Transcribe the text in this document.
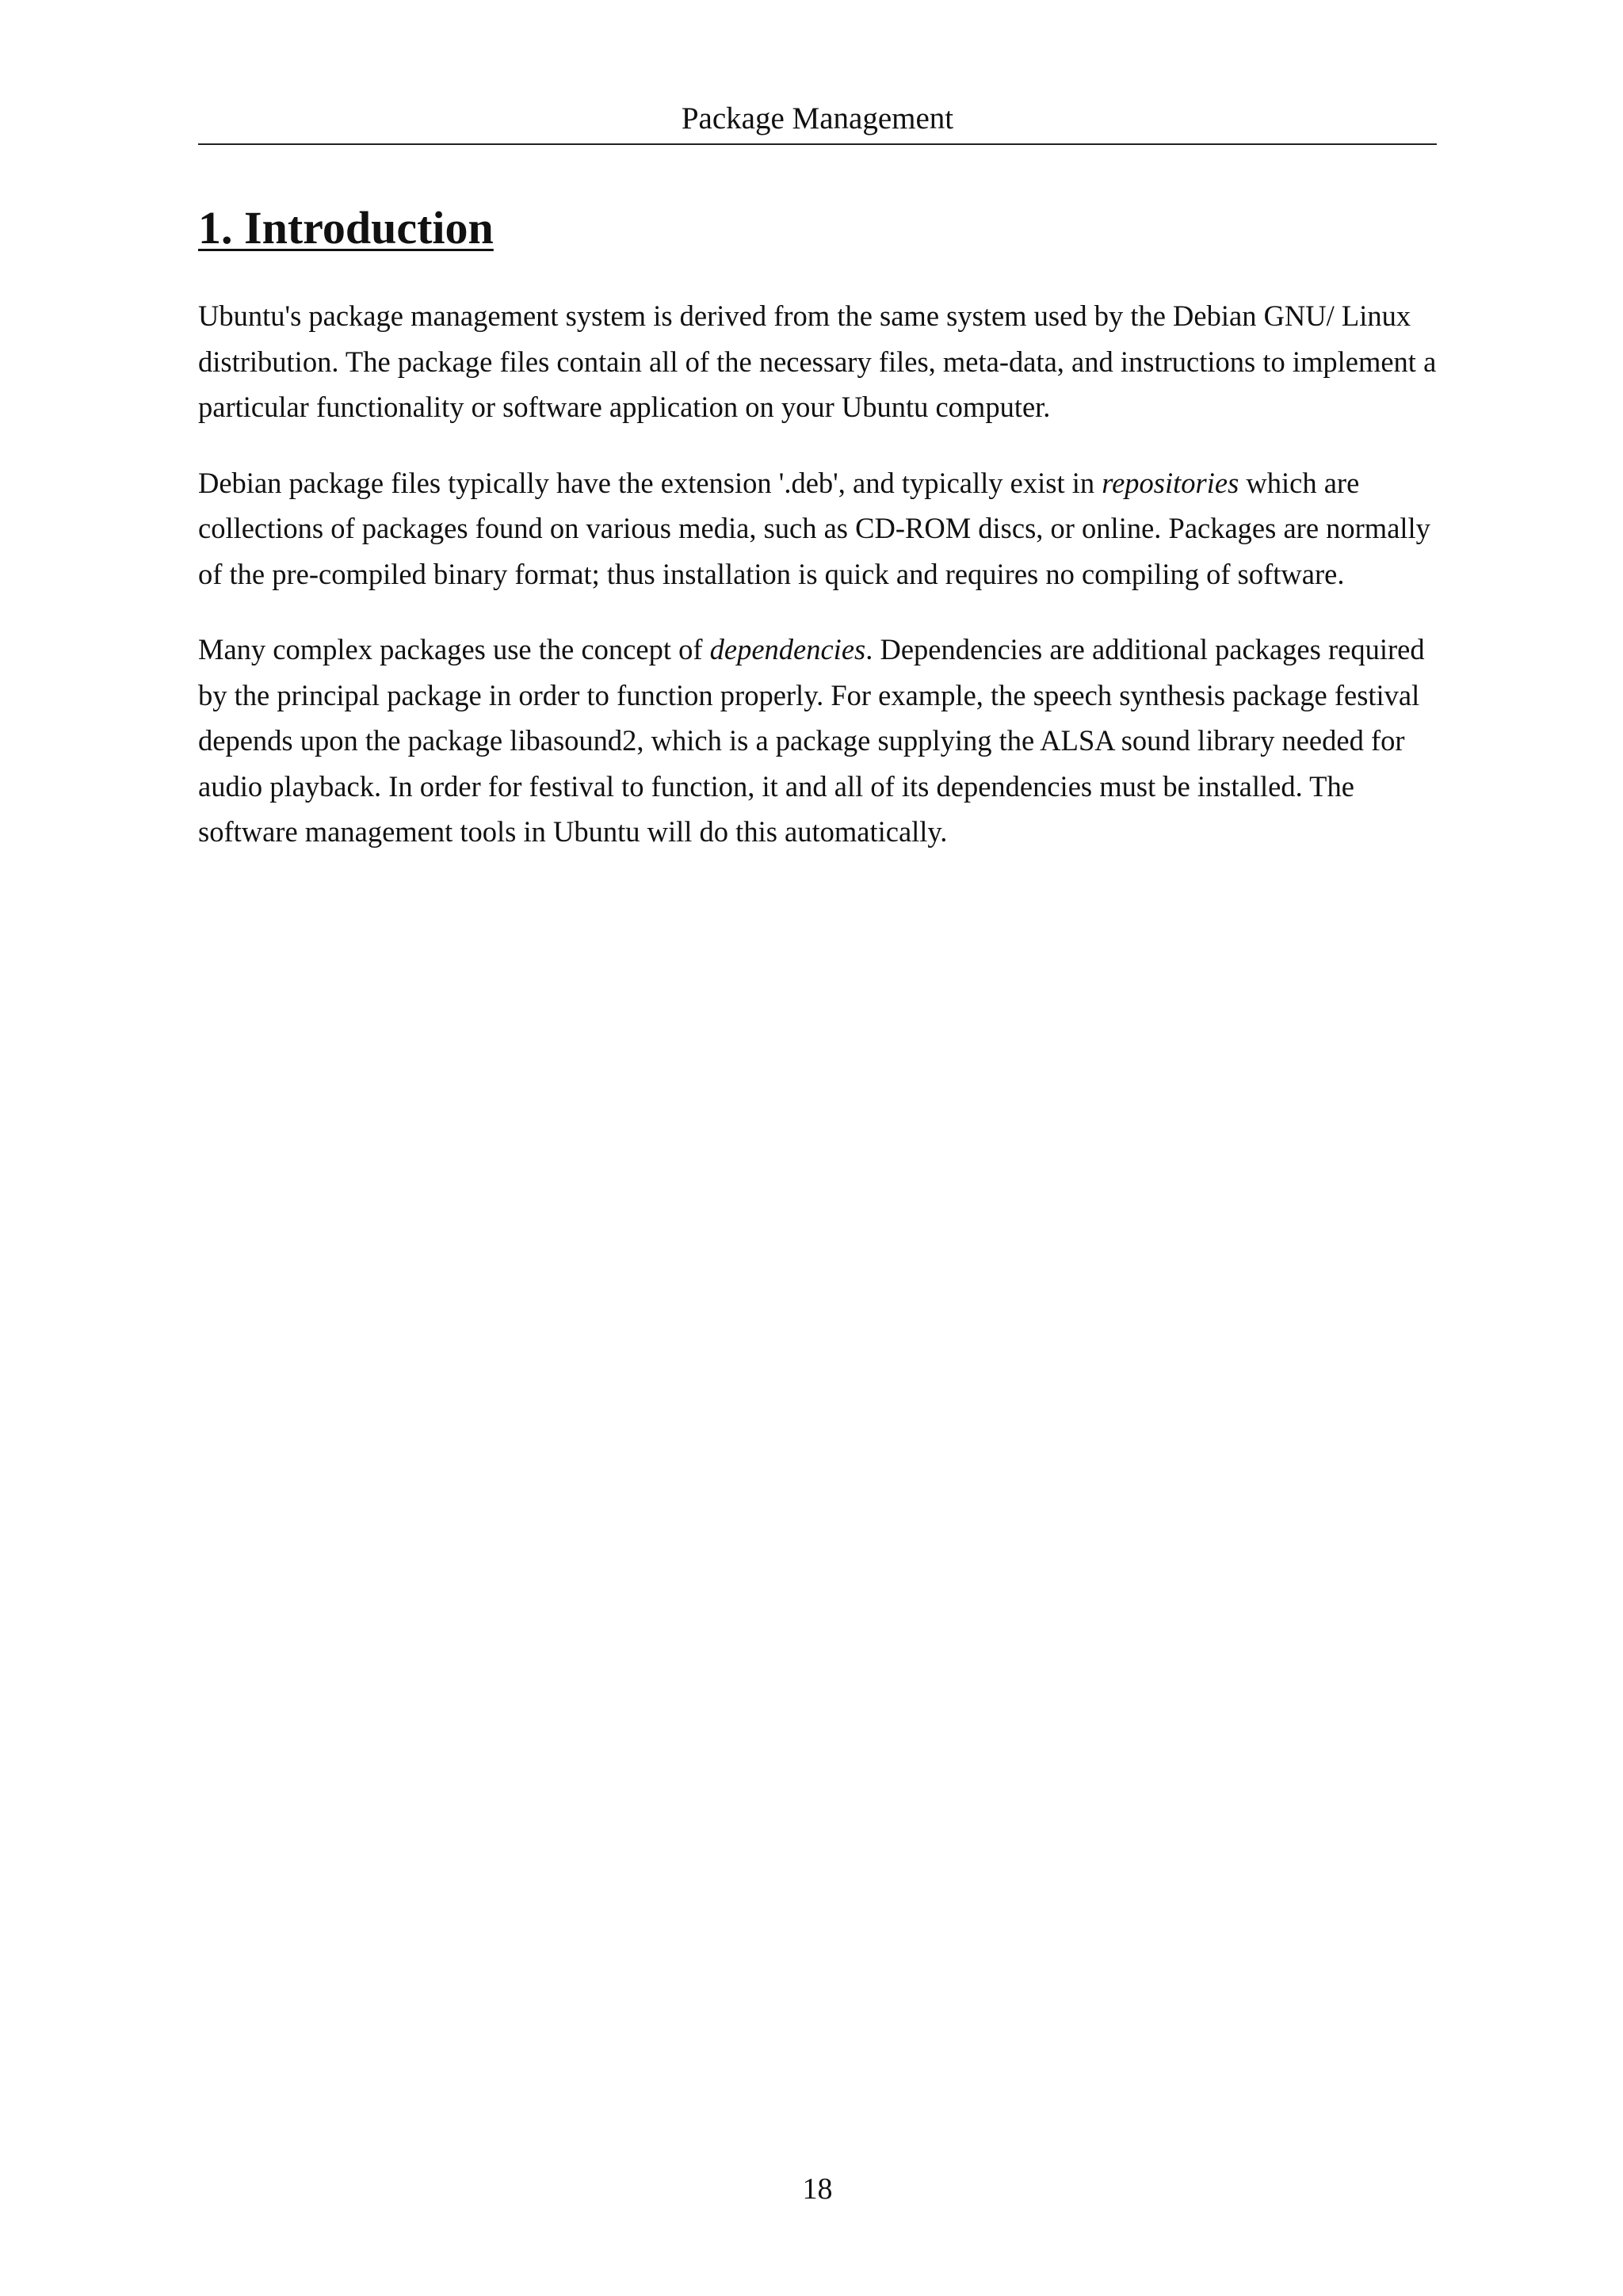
Package Management
1. Introduction

Ubuntu's package management system is derived from the same system used by the Debian GNU/ Linux distribution. The package files contain all of the necessary files, meta-data, and instructions to implement a particular functionality or software application on your Ubuntu computer.

Debian package files typically have the extension '.deb', and typically exist in repositories which are collections of packages found on various media, such as CD-ROM discs, or online. Packages are normally of the pre-compiled binary format; thus installation is quick and requires no compiling of software.

Many complex packages use the concept of dependencies. Dependencies are additional packages required by the principal package in order to function properly. For example, the speech synthesis package festival depends upon the package libasound2, which is a package supplying the ALSA sound library needed for audio playback. In order for festival to function, it and all of its dependencies must be installed. The software management tools in Ubuntu will do this automatically.

18
